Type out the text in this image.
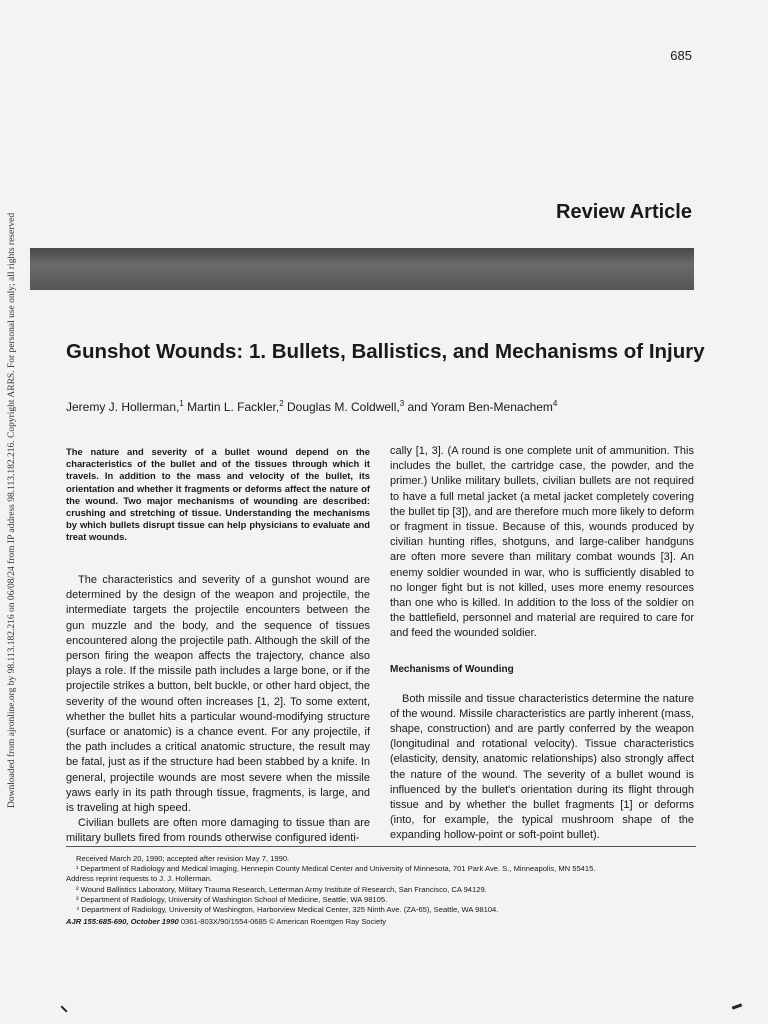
685
Downloaded from ajronline.org by 98.113.182.216 on 06/08/24 from IP address 98.113.182.216. Copyright ARRS. For personal use only; all rights reserved
Review Article
Gunshot Wounds: 1. Bullets, Ballistics, and Mechanisms of Injury
Jeremy J. Hollerman,$^1$ Martin L. Fackler,$^2$ Douglas M. Coldwell,$^3$ and Yoram Ben-Menachem$^4$

The nature and severity of a bullet wound depend on the characteristics of the bullet and of the tissues through which it travels. In addition to the mass and velocity of the bullet, its orientation and whether it fragments or deforms affect the nature of the wound. Two major mechanisms of wounding are described: crushing and stretching of tissue. Understanding the mechanisms by which bullets disrupt tissue can help physicians to evaluate and treat wounds.

The characteristics and severity of a gunshot wound are determined by the design of the weapon and projectile, the intermediate targets the projectile encounters between the gun muzzle and the body, and the sequence of tissues encountered along the projectile path. Although the skill of the person firing the weapon affects the trajectory, chance also plays a role. If the missile path includes a large bone, or if the projectile strikes a button, belt buckle, or other hard object, the severity of the wound often increases [1, 2]. To some extent, whether the bullet hits a particular wound-modifying structure (surface or anatomic) is a chance event. For any projectile, if the path includes a critical anatomic structure, the result may be fatal, just as if the structure had been stabbed by a knife. In general, projectile wounds are most severe when the missile yaws early in its path through tissue, fragments, is large, and is traveling at high speed.

Civilian bullets are often more damaging to tissue than are military bullets fired from rounds otherwise configured identi-

cally [1, 3]. (A round is one complete unit of ammunition. This includes the bullet, the cartridge case, the powder, and the primer.) Unlike military bullets, civilian bullets are not required to have a full metal jacket (a metal jacket completely covering the bullet tip [3]), and are therefore much more likely to deform or fragment in tissue. Because of this, wounds produced by civilian hunting rifles, shotguns, and large-caliber handguns are often more severe than military combat wounds [3]. An enemy soldier wounded in war, who is sufficiently disabled to no longer fight but is not killed, uses more enemy resources than one who is killed. In addition to the loss of the soldier on the battlefield, personnel and material are required to care for and feed the wounded soldier.

Mechanisms of Wounding

Both missile and tissue characteristics determine the nature of the wound. Missile characteristics are partly inherent (mass, shape, construction) and are partly conferred by the weapon (longitudinal and rotational velocity). Tissue characteristics (elasticity, density, anatomic relationships) also strongly affect the nature of the wound. The severity of a bullet wound is influenced by the bullet's orientation during its flight through tissue and by whether the bullet fragments [1] or deforms (into, for example, the typical mushroom shape of the expanding hollow-point or soft-point bullet).

Received March 20, 1990; accepted after revision May 7, 1990.
¹ Department of Radiology and Medical Imaging, Hennepin County Medical Center and University of Minnesota, 701 Park Ave. S., Minneapolis, MN 55415.
Address reprint requests to J. J. Hollerman.
² Wound Ballistics Laboratory, Military Trauma Research, Letterman Army Institute of Research, San Francisco, CA 94129.
³ Department of Radiology, University of Washington School of Medicine, Seattle, WA 98105.
⁴ Department of Radiology, University of Washington, Harborview Medical Center, 325 Ninth Ave. (ZA-65), Seattle, WA 98104.
AJR 155:685-690, October 1990 0361-803X/90/1554-0685 © American Roentgen Ray Society
